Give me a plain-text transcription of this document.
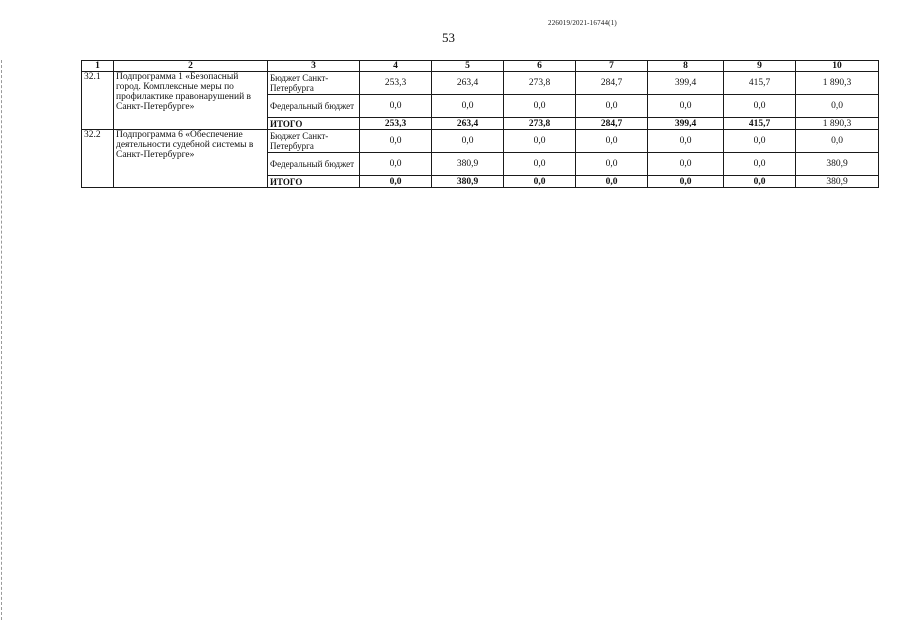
226019/2021-16744(1)
53
1	2	3	4	5	6	7	8	9	10
32.1	Подпрограмма 1 «Безопасный город. Комплексные меры по профилактике правонарушений в Санкт-Петербурге»	Бюджет Санкт-Петербурга	253,3	263,4	273,8	284,7	399,4	415,7	1 890,3
		Федеральный бюджет	0,0	0,0	0,0	0,0	0,0	0,0	0,0
		ИТОГО	253,3	263,4	273,8	284,7	399,4	415,7	1 890,3
32.2	Подпрограмма 6 «Обеспечение деятельности судебной системы в Санкт-Петербурге»	Бюджет Санкт-Петербурга	0,0	0,0	0,0	0,0	0,0	0,0	0,0
		Федеральный бюджет	0,0	380,9	0,0	0,0	0,0	0,0	380,9
		ИТОГО	0,0	380,9	0,0	0,0	0,0	0,0	380,9
